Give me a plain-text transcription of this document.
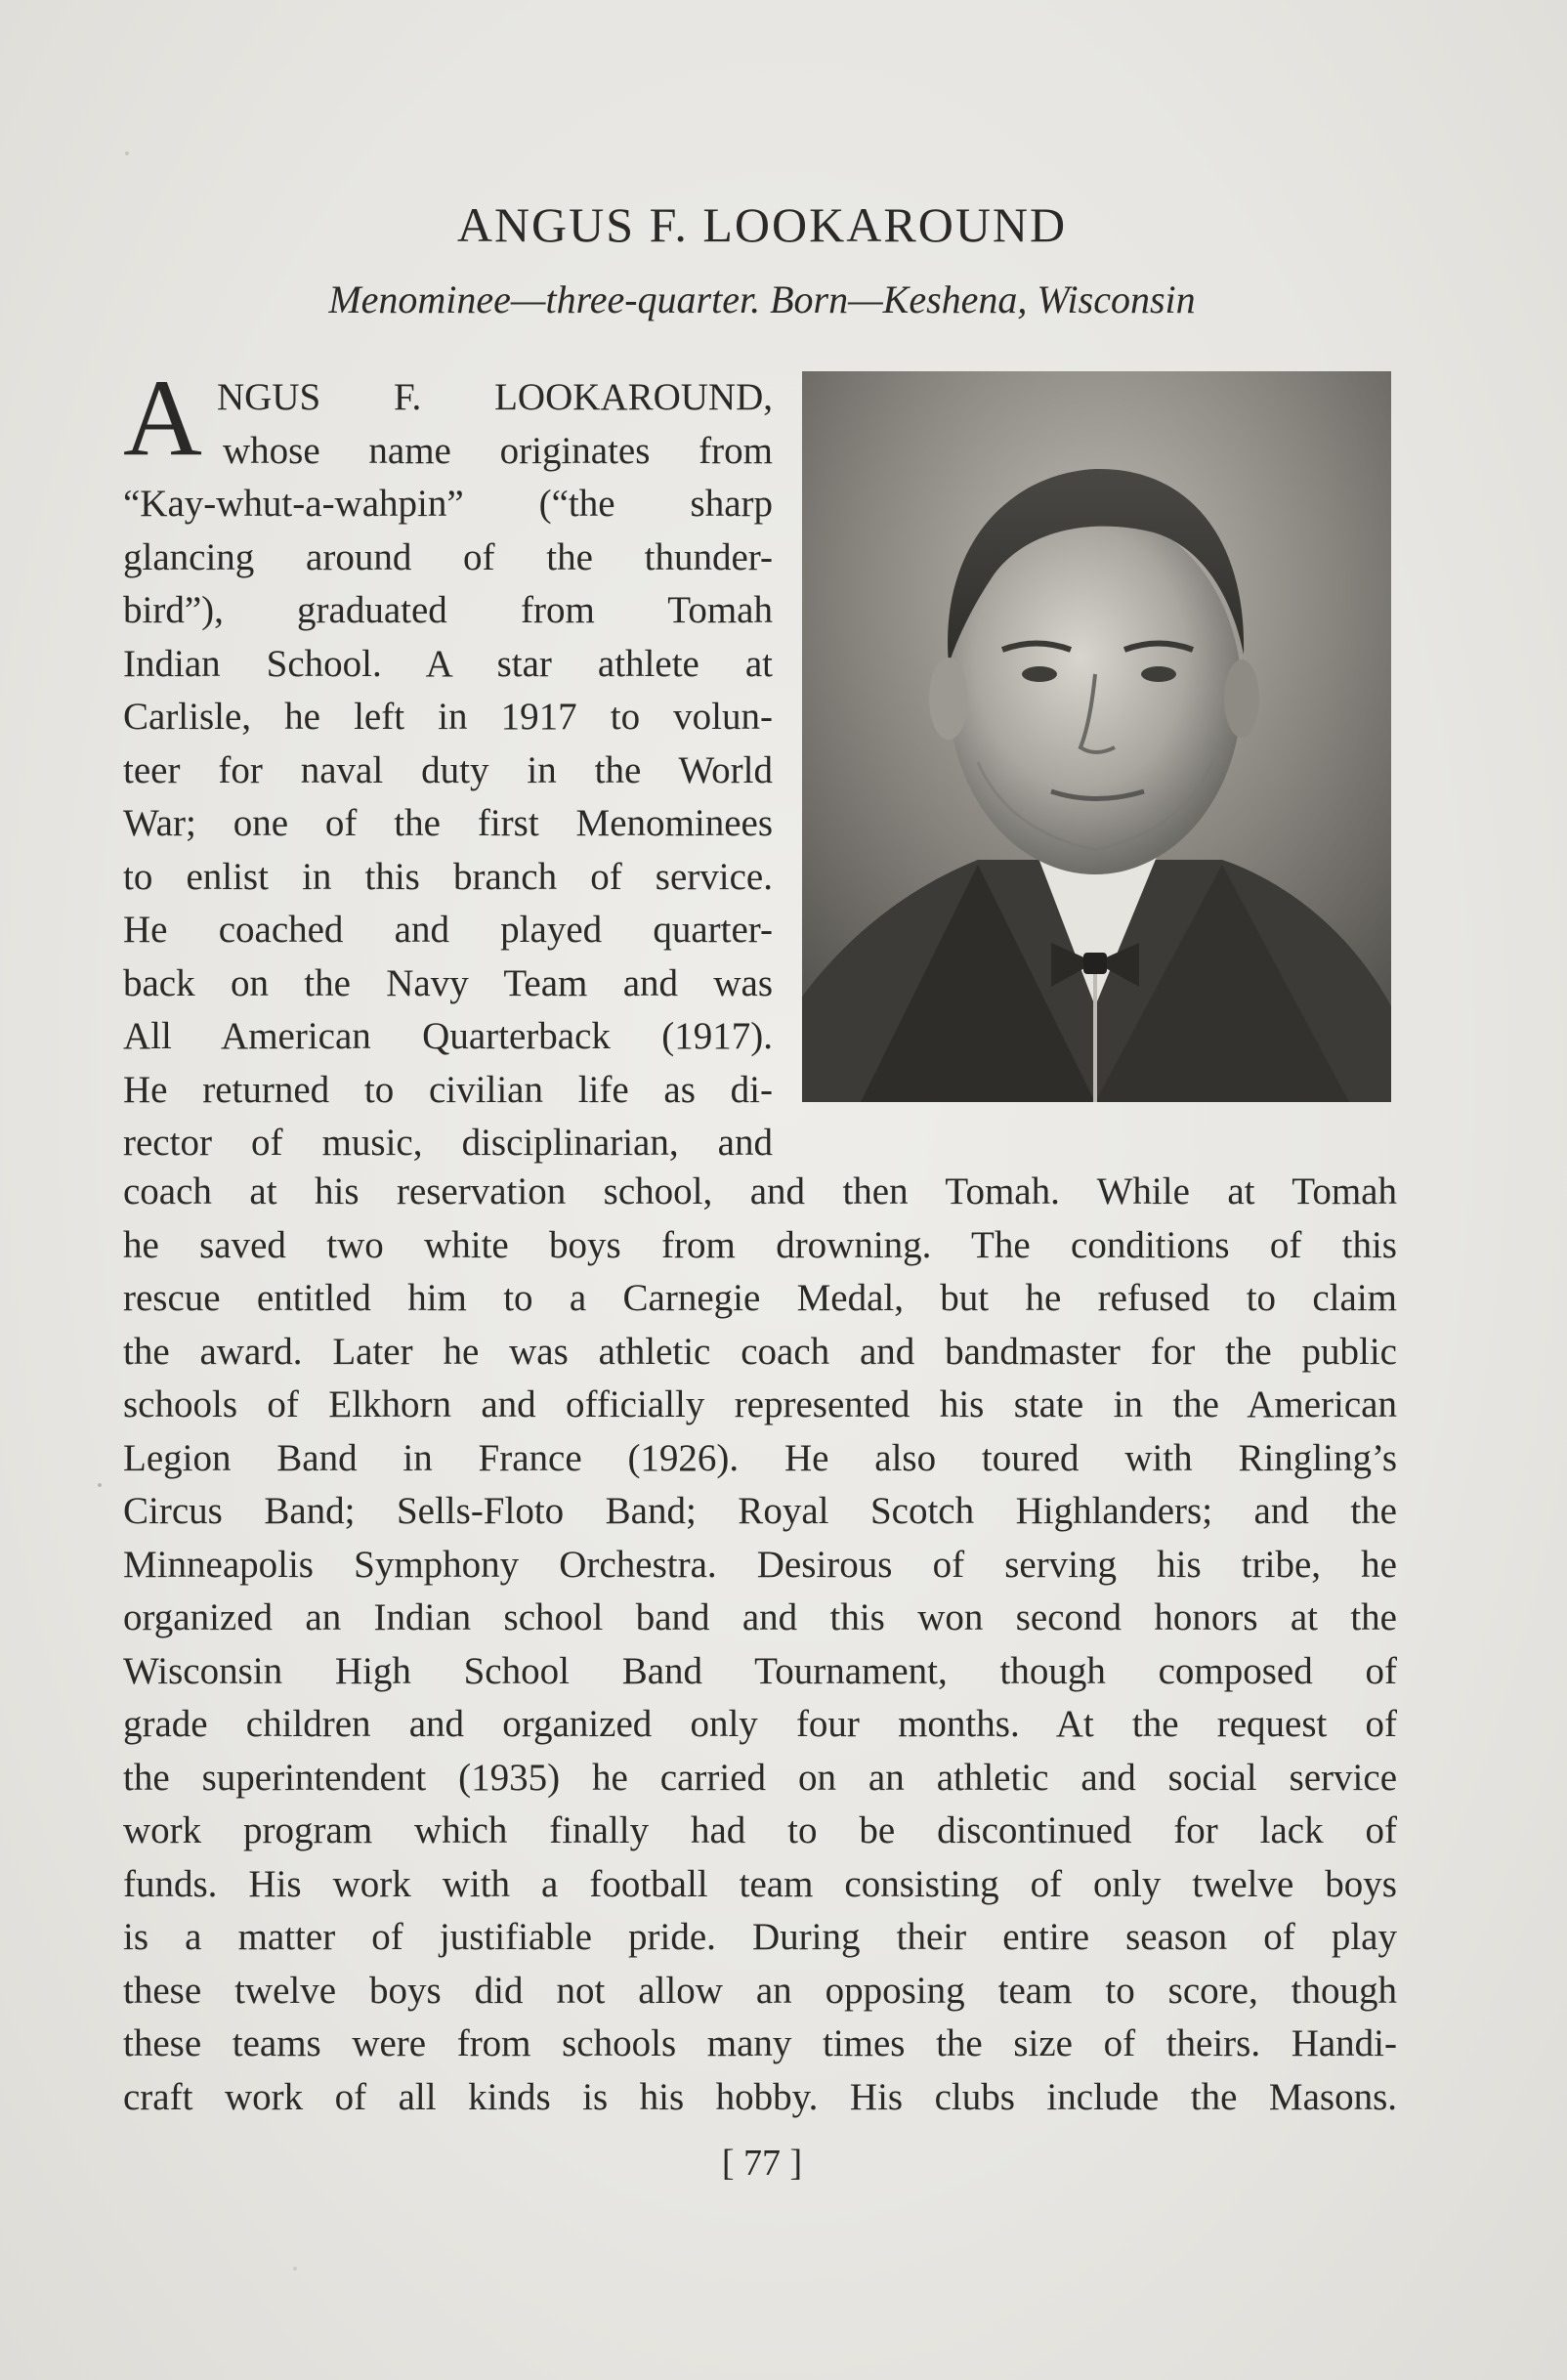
ANGUS F. LOOKAROUND
Menominee—three-quarter. Born—Keshena, Wisconsin
A NGUS F. LOOKAROUND,
whose name originates from
“Kay-whut-a-wahpin” (“the sharp
glancing around of the thunder-
bird”), graduated from Tomah
Indian School. A star athlete at
Carlisle, he left in 1917 to volun-
teer for naval duty in the World
War; one of the first Menominees
to enlist in this branch of service.
He coached and played quarter-
back on the Navy Team and was
All American Quarterback (1917).
He returned to civilian life as di-
rector of music, disciplinarian, and
coach at his reservation school, and then Tomah. While at Tomah
he saved two white boys from drowning. The conditions of this
rescue entitled him to a Carnegie Medal, but he refused to claim
the award. Later he was athletic coach and bandmaster for the public
schools of Elkhorn and officially represented his state in the American
Legion Band in France (1926). He also toured with Ringling’s
Circus Band; Sells-Floto Band; Royal Scotch Highlanders; and the
Minneapolis Symphony Orchestra. Desirous of serving his tribe, he
organized an Indian school band and this won second honors at the
Wisconsin High School Band Tournament, though composed of
grade children and organized only four months. At the request of
the superintendent (1935) he carried on an athletic and social service
work program which finally had to be discontinued for lack of
funds. His work with a football team consisting of only twelve boys
is a matter of justifiable pride. During their entire season of play
these twelve boys did not allow an opposing team to score, though
these teams were from schools many times the size of theirs. Handi-
craft work of all kinds is his hobby. His clubs include the Masons.
[ 77 ]
